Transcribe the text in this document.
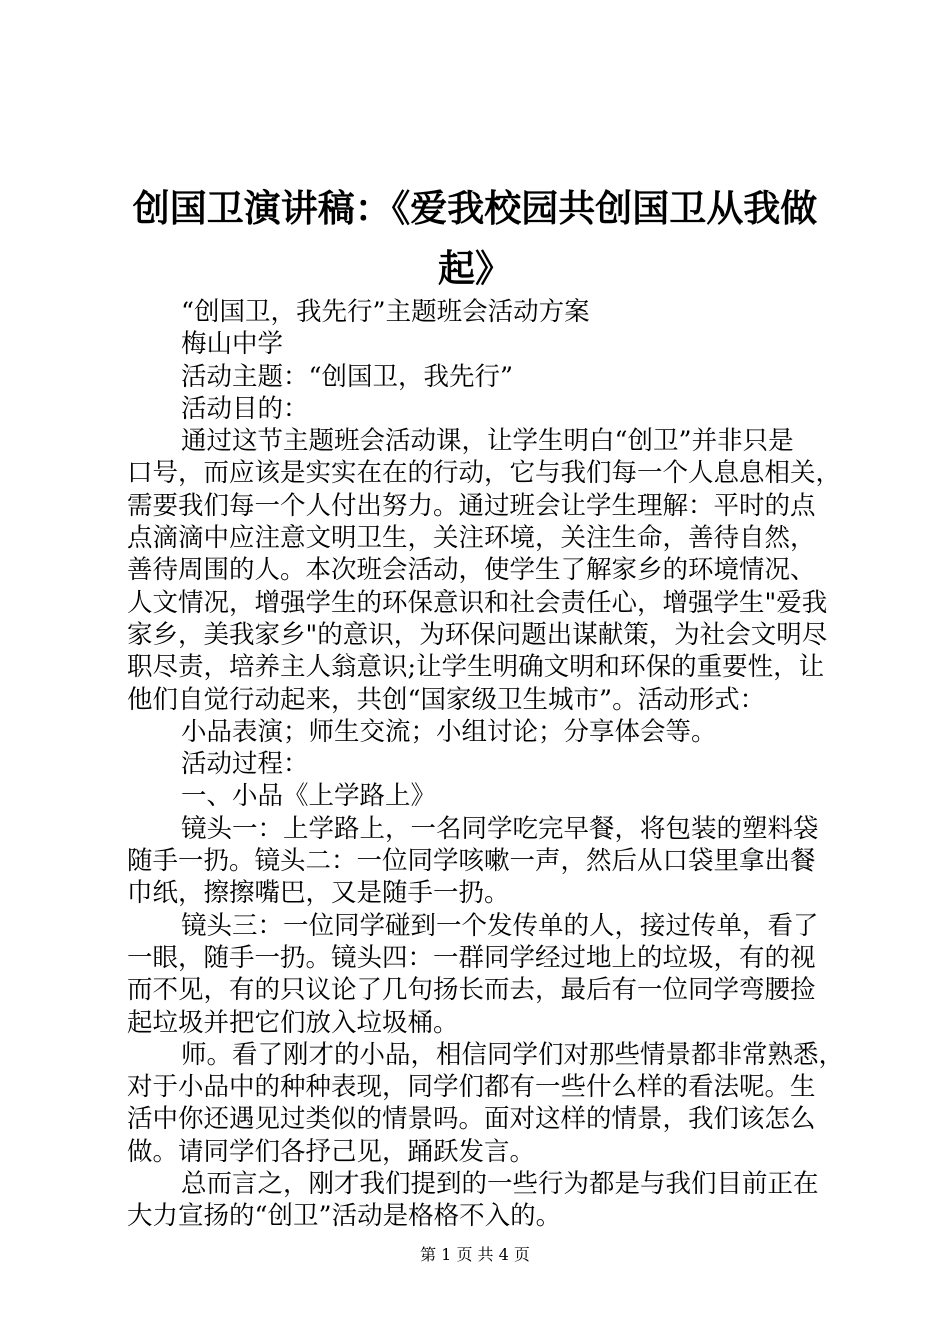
创国卫演讲稿：《爱我校园共创国卫从我做
起》
“创国卫，我先行”主题班会活动方案
梅山中学
活动主题：“创国卫，我先行”
活动目的：
通过这节主题班会活动课，让学生明白“创卫”并非只是
口号，而应该是实实在在的行动，它与我们每一个人息息相关，
需要我们每一个人付出努力。通过班会让学生理解：平时的点
点滴滴中应注意文明卫生，关注环境，关注生命，善待自然，
善待周围的人。本次班会活动，使学生了解家乡的环境情况、
人文情况，增强学生的环保意识和社会责任心，增强学生"爱我
家乡，美我家乡"的意识，为环保问题出谋献策，为社会文明尽
职尽责，培养主人翁意识;让学生明确文明和环保的重要性，让
他们自觉行动起来，共创“国家级卫生城市”。活动形式：
小品表演；师生交流；小组讨论；分享体会等。
活动过程：
一、小品《上学路上》
镜头一：上学路上，一名同学吃完早餐，将包装的塑料袋
随手一扔。镜头二：一位同学咳嗽一声，然后从口袋里拿出餐
巾纸，擦擦嘴巴，又是随手一扔。
镜头三：一位同学碰到一个发传单的人，接过传单，看了
一眼，随手一扔。镜头四：一群同学经过地上的垃圾，有的视
而不见，有的只议论了几句扬长而去，最后有一位同学弯腰捡
起垃圾并把它们放入垃圾桶。
师。看了刚才的小品，相信同学们对那些情景都非常熟悉，
对于小品中的种种表现，同学们都有一些什么样的看法呢。生
活中你还遇见过类似的情景吗。面对这样的情景，我们该怎么
做。请同学们各抒己见，踊跃发言。
总而言之，刚才我们提到的一些行为都是与我们目前正在
大力宣扬的“创卫”活动是格格不入的。
第 1 页 共 4 页
